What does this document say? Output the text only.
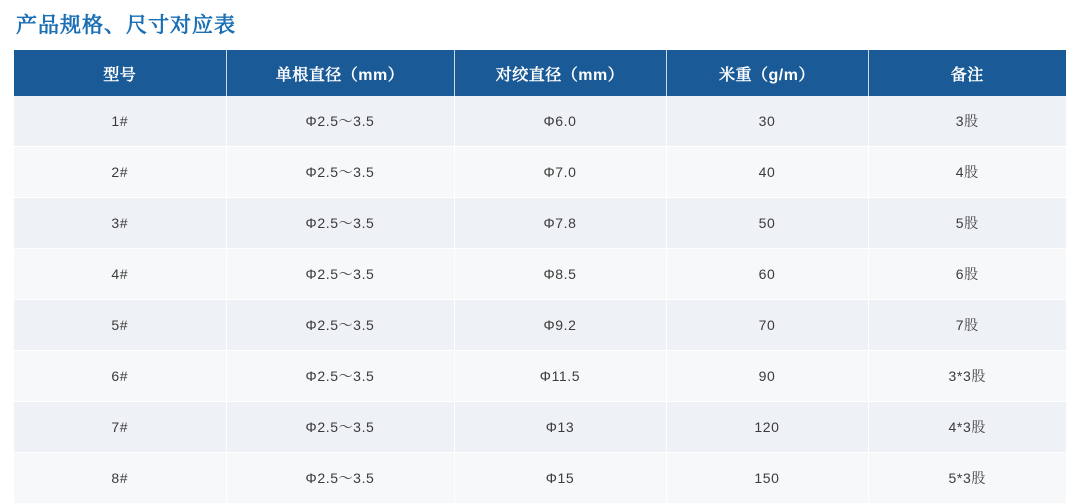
产品规格、尺寸对应表
型号	单根直径（mm）	对绞直径（mm）	米重（g/m）	备注
1#	Φ2.5～3.5	Φ6.0	30	3股
2#	Φ2.5～3.5	Φ7.0	40	4股
3#	Φ2.5～3.5	Φ7.8	50	5股
4#	Φ2.5～3.5	Φ8.5	60	6股
5#	Φ2.5～3.5	Φ9.2	70	7股
6#	Φ2.5～3.5	Φ11.5	90	3*3股
7#	Φ2.5～3.5	Φ13	120	4*3股
8#	Φ2.5～3.5	Φ15	150	5*3股
